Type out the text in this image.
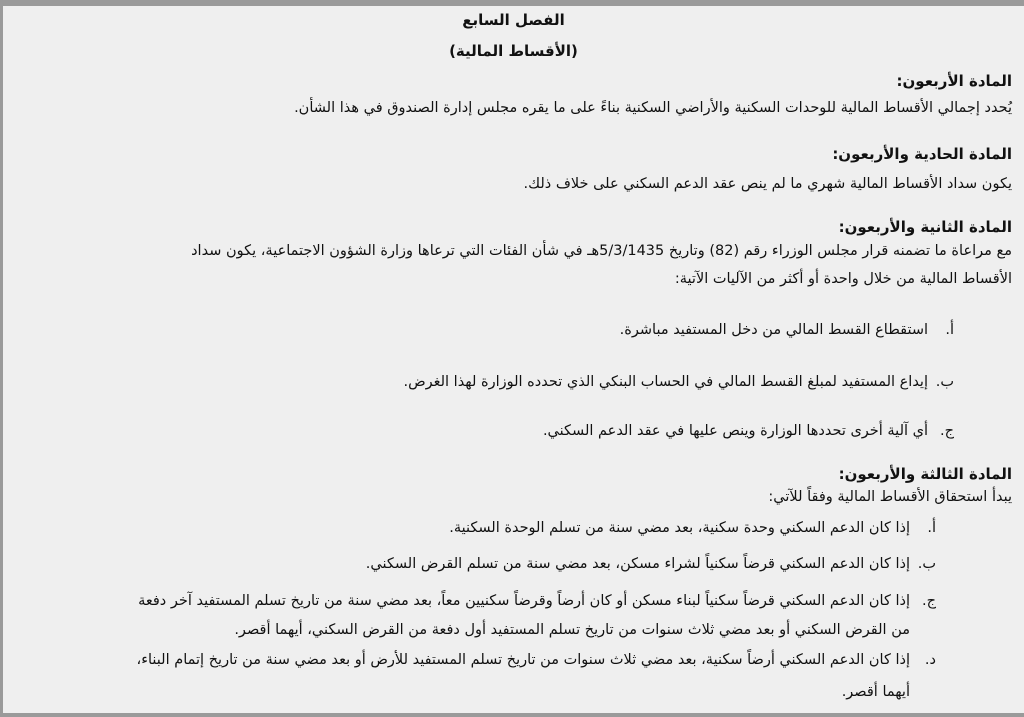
الفصل السابع
(الأقساط المالية)
المادة الأربعون:
يُحدد إجمالي الأقساط المالية للوحدات السكنية والأراضي السكنية بناءً على ما يقره مجلس إدارة الصندوق في هذا الشأن.
المادة الحادية والأربعون:
يكون سداد الأقساط المالية شهري ما لم ينص عقد الدعم السكني على خلاف ذلك.
المادة الثانية والأربعون:
مع مراعاة ما تضمنه قرار مجلس الوزراء رقم (82) وتاريخ 5/3/1435هـ في شأن الفئات التي ترعاها وزارة الشؤون الاجتماعية، يكون سداد
الأقساط المالية من خلال واحدة أو أكثر من الآليات الآتية:
أ.استقطاع القسط المالي من دخل المستفيد مباشرة.
ب.إيداع المستفيد لمبلغ القسط المالي في الحساب البنكي الذي تحدده الوزارة لهذا الغرض.
ج.أي آلية أخرى تحددها الوزارة وينص عليها في عقد الدعم السكني.
المادة الثالثة والأربعون:
يبدأ استحقاق الأقساط المالية وفقاً للآتي:
أ.إذا كان الدعم السكني وحدة سكنية، بعد مضي سنة من تسلم الوحدة السكنية.
ب.إذا كان الدعم السكني قرضاً سكنياً لشراء مسكن، بعد مضي سنة من تسلم القرض السكني.
ج.إذا كان الدعم السكني قرضاً سكنياً لبناء مسكن أو كان أرضاً وقرضاً سكنيين معاً، بعد مضي سنة من تاريخ تسلم المستفيد آخر دفعة
من القرض السكني أو بعد مضي ثلاث سنوات من تاريخ تسلم المستفيد أول دفعة من القرض السكني، أيهما أقصر.
د.إذا كان الدعم السكني أرضاً سكنية، بعد مضي ثلاث سنوات من تاريخ تسلم المستفيد للأرض أو بعد مضي سنة من تاريخ إتمام البناء،
أيهما أقصر.
